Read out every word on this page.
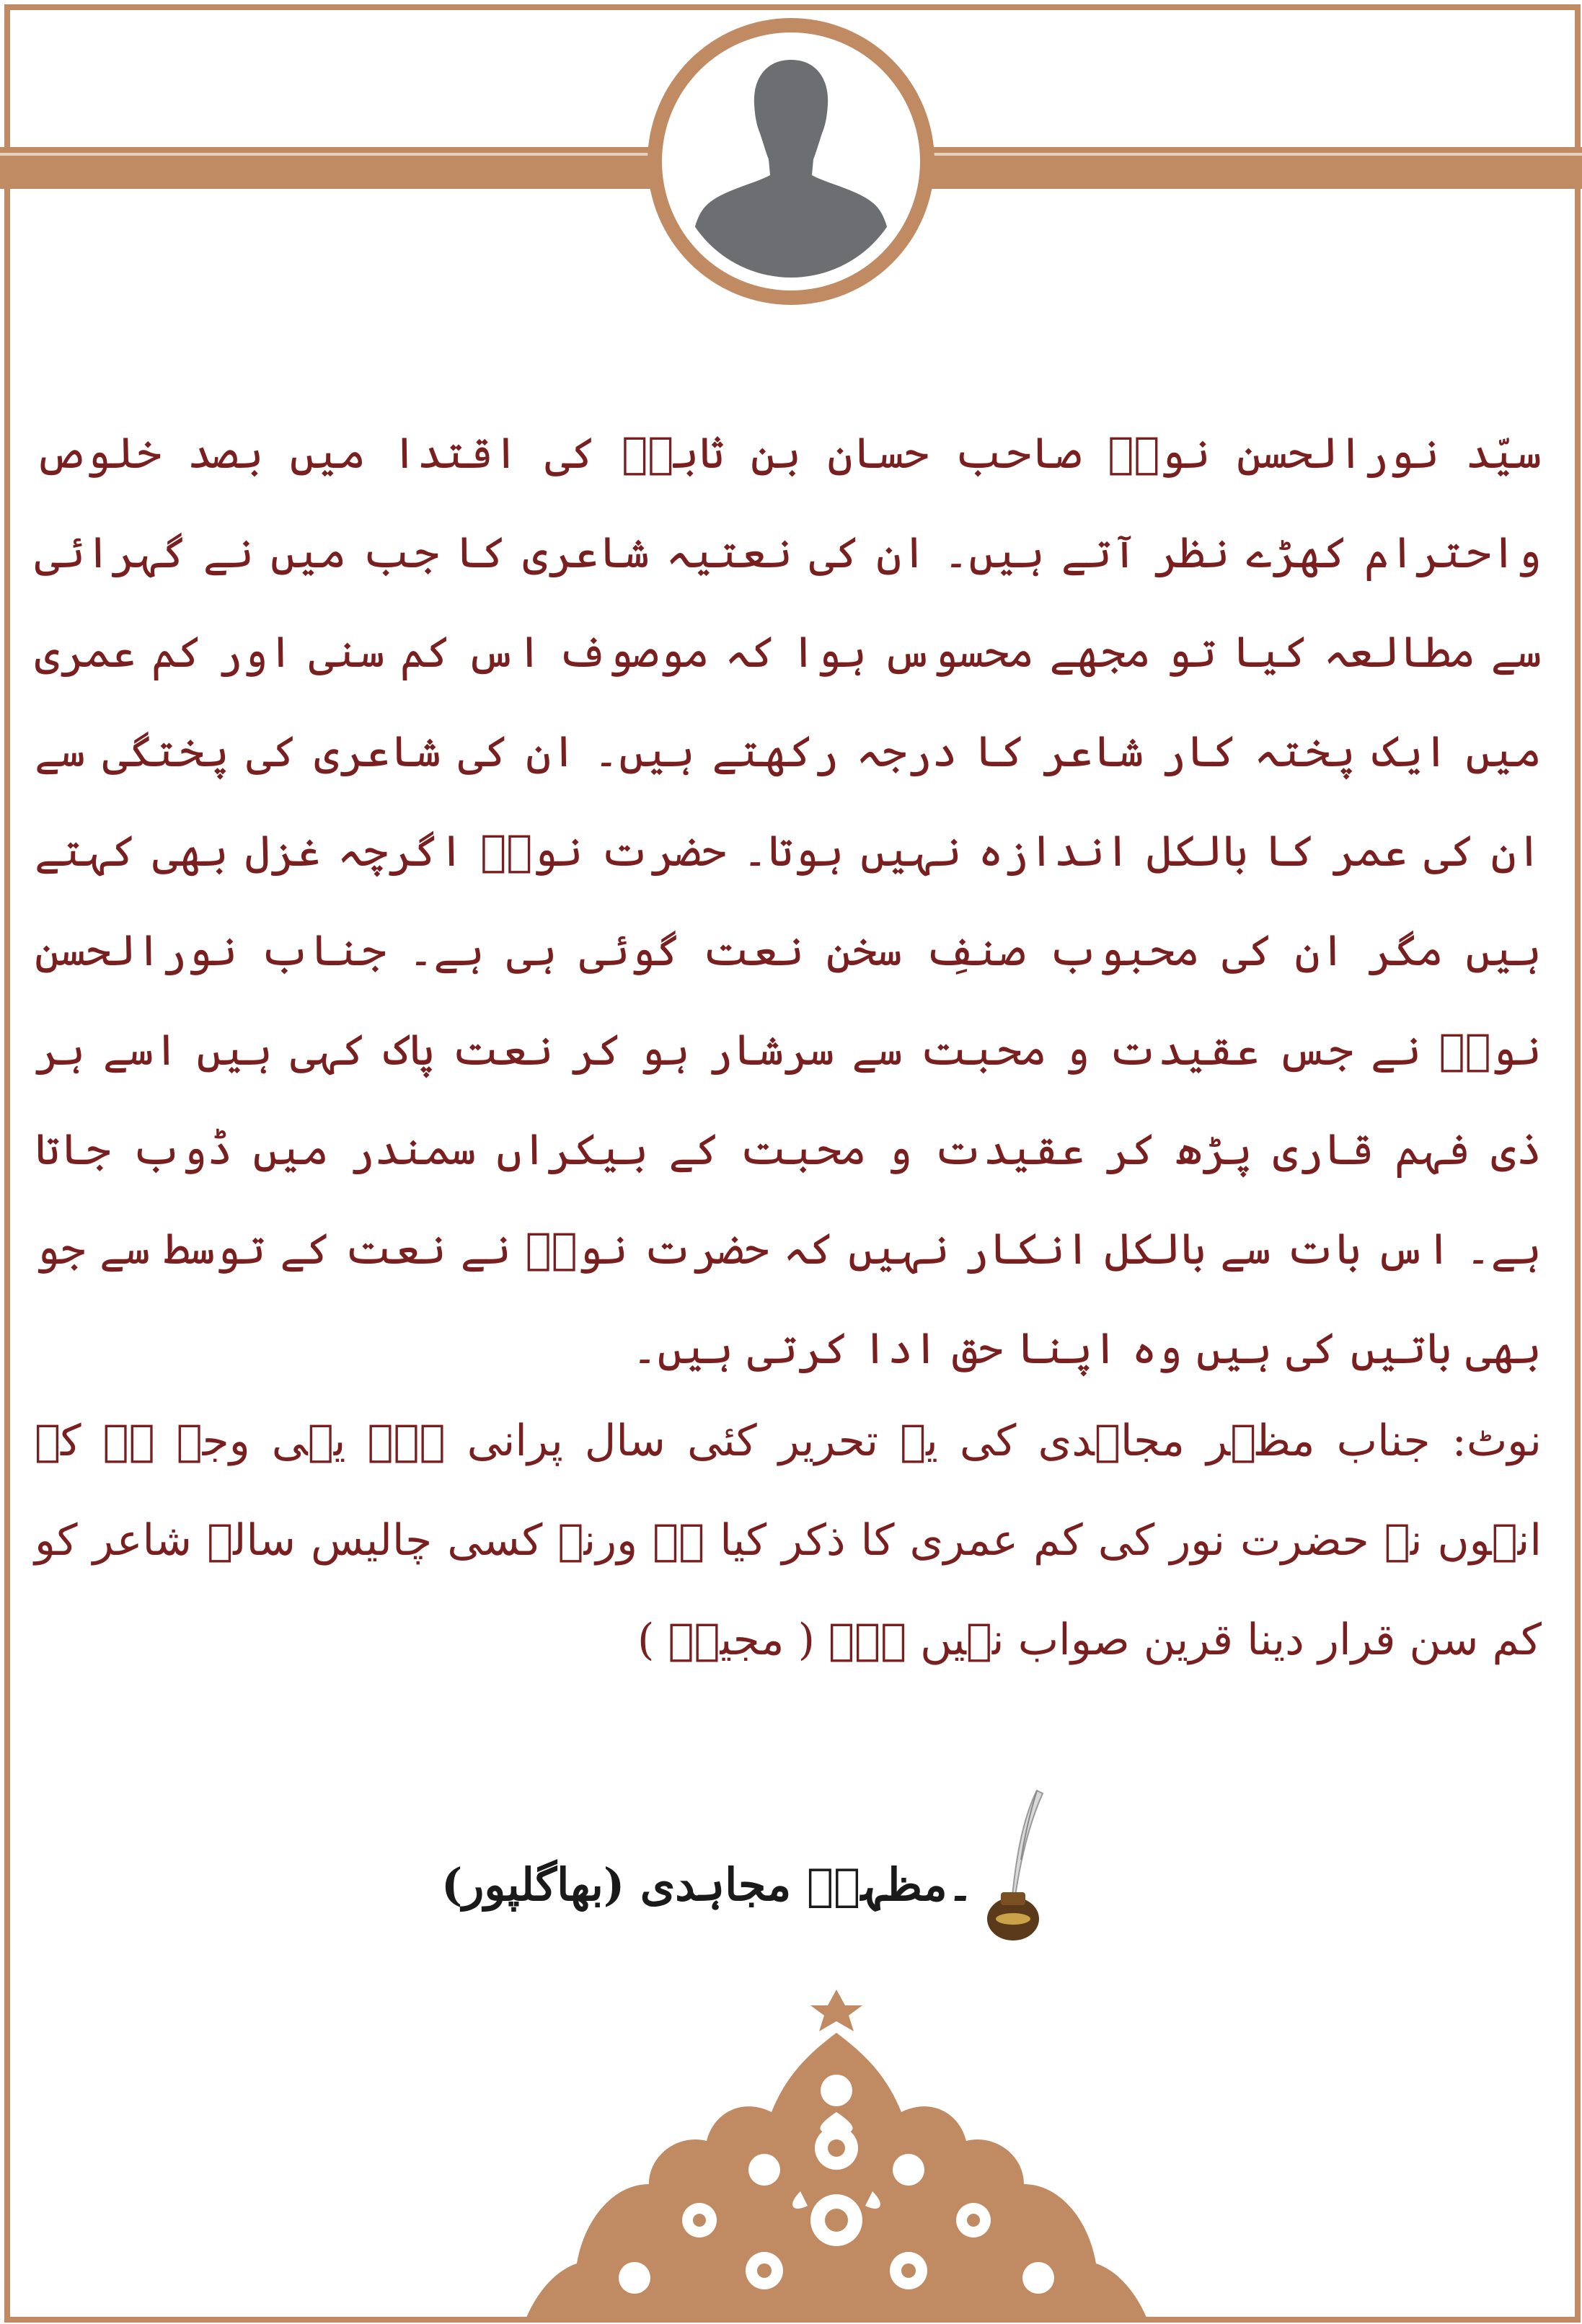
سیّد نورالحسن نورؔ صاحب حسان بن ثابتؓ کی اقتدا میں بصد خلوص واحترام کھڑے نظر آتے ہیں۔ ان کی نعتیہ شاعری کا جب میں نے گہرائی سے مطالعہ کیا تو مجھے محسوس ہوا کہ موصوف اس کم سنی اور کم عمری میں ایک پختہ کار شاعر کا درجہ رکھتے ہیں۔ ان کی شاعری کی پختگی سے ان کی عمر کا بالکل اندازہ نہیں ہوتا۔ حضرت نورؔ اگرچہ غزل بھی کہتے ہیں مگر ان کی محبوب صنفِ سخن نعت گوئی ہی ہے۔ جناب نورالحسن نورؔ نے جس عقیدت و محبت سے سرشار ہو کر نعت پاک کہی ہیں اسے ہر ذی فہم قاری پڑھ کر عقیدت و محبت کے بیکراں سمندر میں ڈوب جاتا ہے۔ اس بات سے بالکل انکار نہیں کہ حضرت نورؔ نے نعت کے توسط سے جو بھی باتیں کی ہیں وہ اپنا حق ادا کرتی ہیں۔
نوٹ: جناب مظہر مجاہدی کی یہ تحریر کئی سال پرانی ہے۔ یہی وجہ ہے کہ انہوں نے حضرت نور کی کم عمری کا ذکر کیا ہے ورنہ کسی چالیس سالہ شاعر کو کم سن قرار دینا قرین صواب نہیں ہے۔ ( مجیبؔ )
۔مظہرؔ مجاہدی (بھاگلپور)
